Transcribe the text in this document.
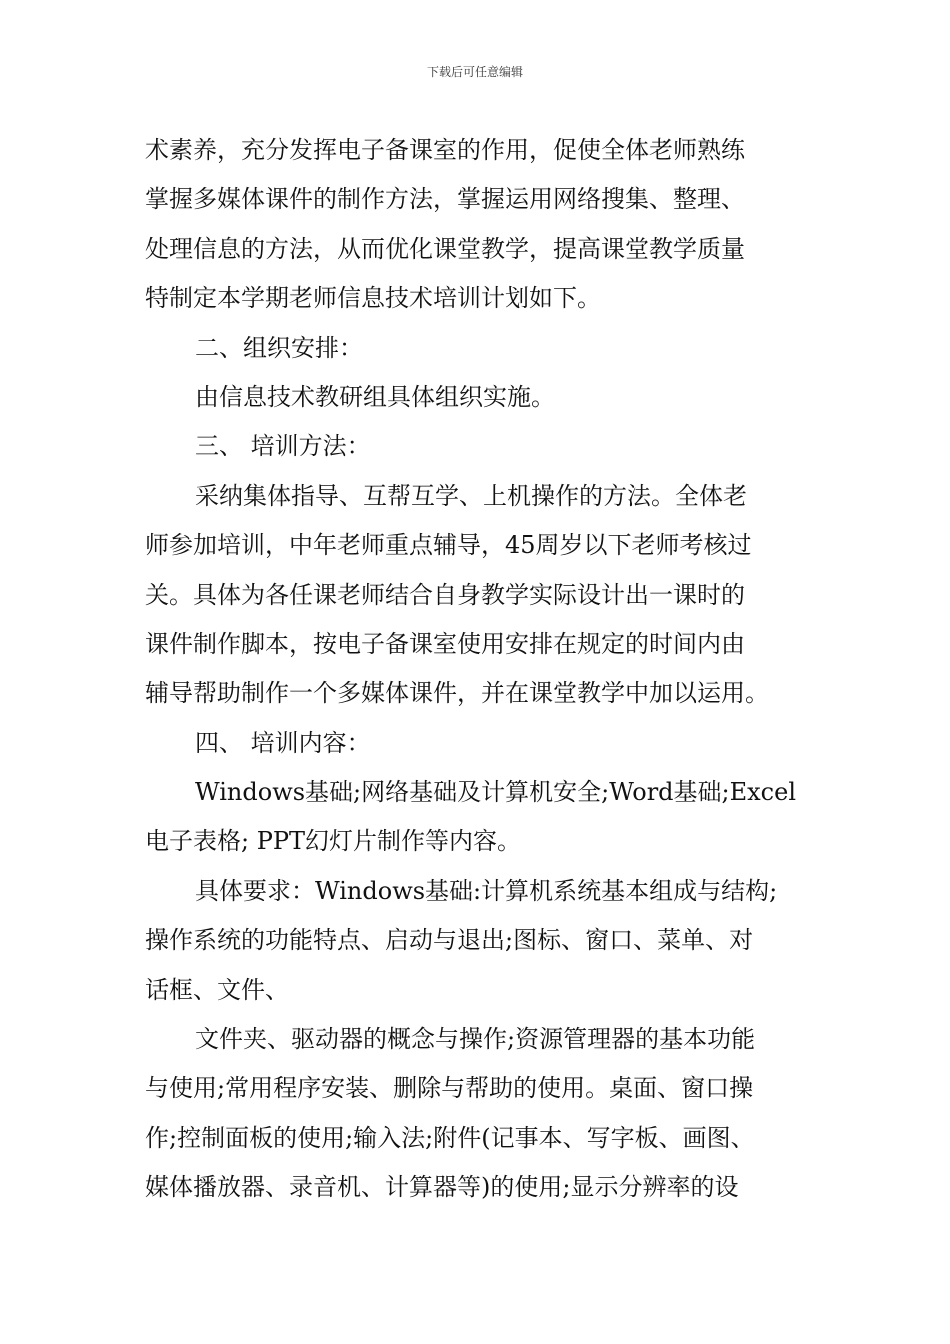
下载后可任意编辑
术素养，充分发挥电子备课室的作用，促使全体老师熟练
掌握多媒体课件的制作方法，掌握运用网络搜集、整理、
处理信息的方法，从而优化课堂教学，提高课堂教学质量
特制定本学期老师信息技术培训计划如下。
二、组织安排：
由信息技术教研组具体组织实施。
三、 培训方法：
采纳集体指导、互帮互学、上机操作的方法。全体老
师参加培训，中年老师重点辅导，45周岁以下老师考核过
关。具体为各任课老师结合自身教学实际设计出一课时的
课件制作脚本，按电子备课室使用安排在规定的时间内由
辅导帮助制作一个多媒体课件，并在课堂教学中加以运用。
四、 培训内容：
Windows基础;网络基础及计算机安全;Word基础;Excel
电子表格; PPT幻灯片制作等内容。
具体要求：Windows基础:计算机系统基本组成与结构;
操作系统的功能特点、启动与退出;图标、窗口、菜单、对
话框、文件、
文件夹、驱动器的概念与操作;资源管理器的基本功能
与使用;常用程序安装、删除与帮助的使用。桌面、窗口操
作;控制面板的使用;输入法;附件(记事本、写字板、画图、
媒体播放器、录音机、计算器等)的使用;显示分辨率的设
